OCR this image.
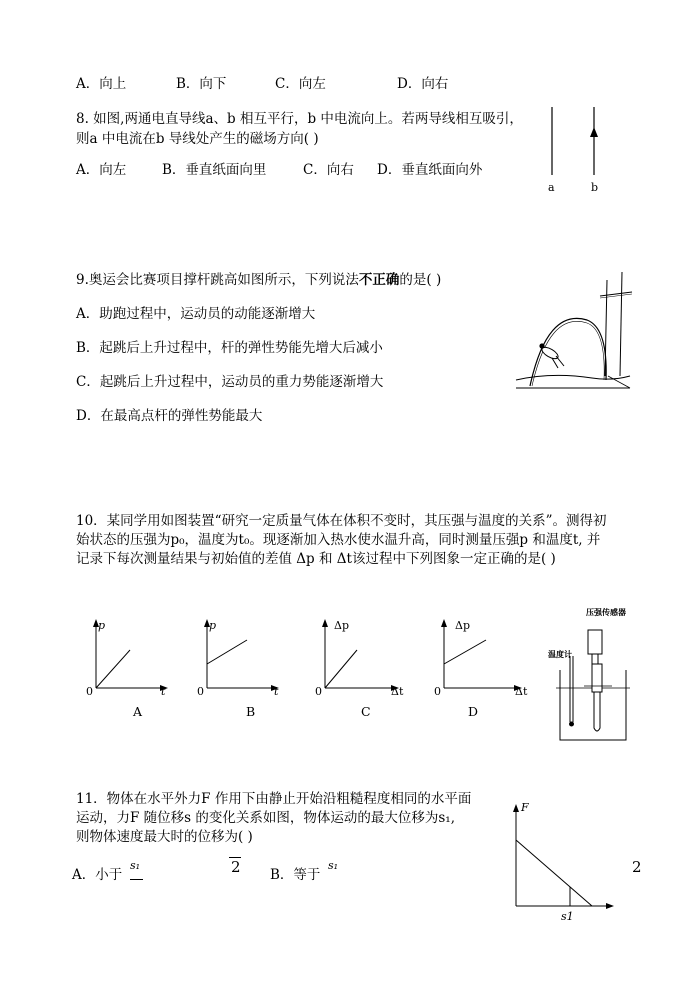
A．向上	B．向下	C．向左	D．向右
8. 如图,两通电直导线a、b 相互平行，b 中电流向上。若两导线相互吸引，
则a 中电流在b 导线处产生的磁场方向( )
A．向左	B．垂直纸面向里	C．向右 D．垂直纸面向外
a	b
9.奥运会比赛项目撑杆跳高如图所示，下列说法不正确的是( )
A．助跑过程中，运动员的动能逐渐增大
B．起跳后上升过程中，杆的弹性势能先增大后减小
C．起跳后上升过程中，运动员的重力势能逐渐增大
D．在最高点杆的弹性势能最大
10．某同学用如图装置“研究一定质量气体在体积不变时，其压强与温度的关系”。测得初
始状态的压强为p₀，温度为t₀。现逐渐加入热水使水温升高，同时测量压强p 和温度t, 并
记录下每次测量结果与初始值的差值 Δp 和 Δt该过程中下列图象一定正确的是( )
p
0	t
A
p
0	t
B
Δp
0	Δt
C
Δp
0	Δt
D
压强传感器
温度计
11．物体在水平外力F 作用下由静止开始沿粗糙程度相同的水平面
运动，力F 随位移s 的变化关系如图，物体运动的最大位移为s₁,
则物体速度最大时的位移为( )
A．小于
s₁	2 B．等于
s₁	2
F
s1
